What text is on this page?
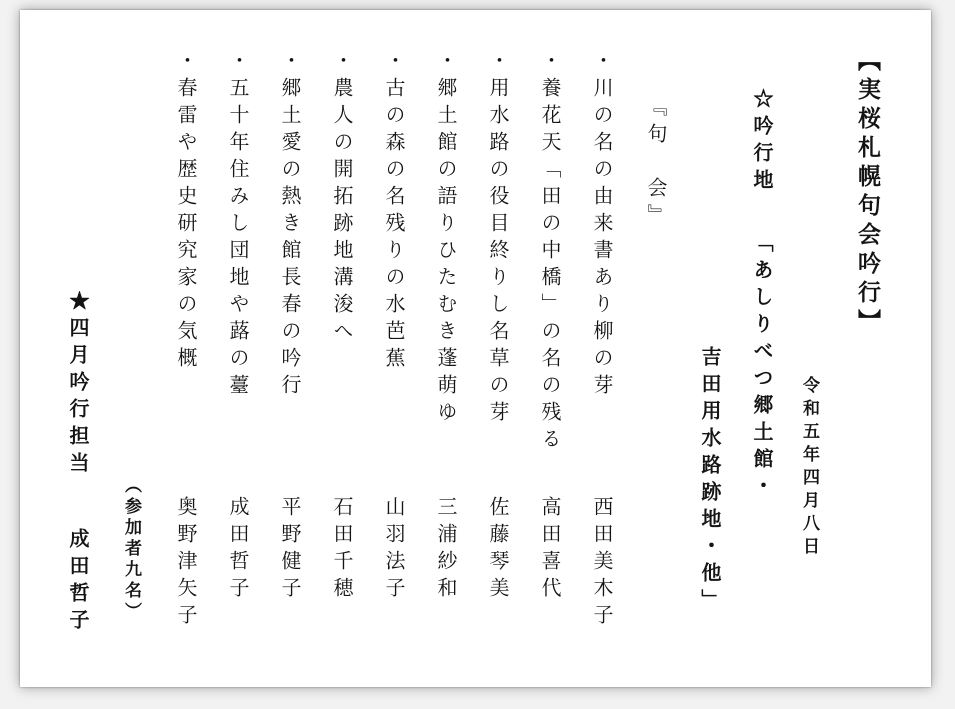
【実桜札幌句会吟行】
令和五年四月八日
☆吟行地
「あしりべつ郷土館・
吉田用水路跡地・他」
『句　会』
・川の名の由来書あり柳の芽
西田美木子
・養花天「田の中橋」の名の残る
高田喜代
・用水路の役目終りし名草の芽
佐藤琴美
・郷土館の語りひたむき蓬萌ゆ
三浦紗和
・古の森の名残りの水芭蕉
山羽法子
・農人の開拓跡地溝浚へ
石田千穂
・郷土愛の熱き館長春の吟行
平野健子
・五十年住みし団地や蕗の薹
成田哲子
・春雷や歴史研究家の気概
奥野津矢子
（参加者九名）
★四月吟行担当
成田哲子
